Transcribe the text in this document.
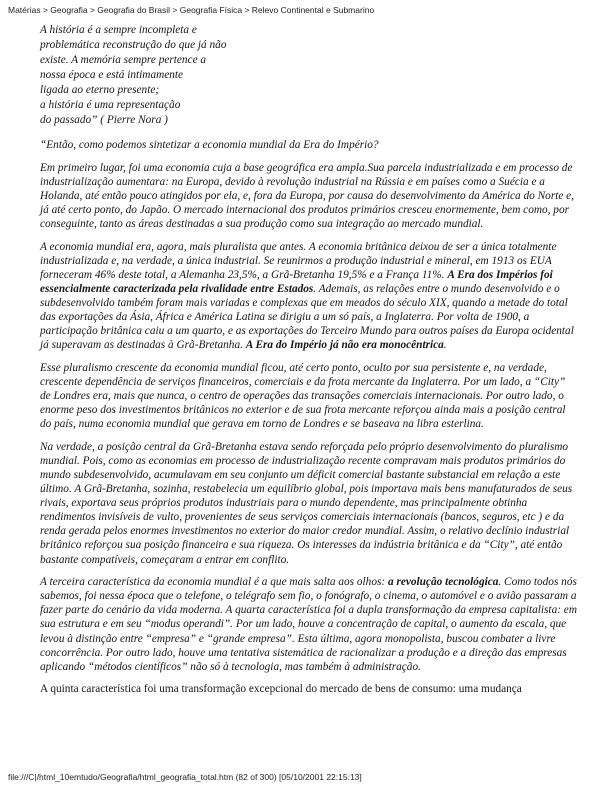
Matérias > Geografia > Geografia do Brasil > Geografia Física > Relevo Continental e Submarino
A história é a sempre incompleta e
problemática reconstrução do que já não
existe. A memória sempre pertence a
nossa época e está intimamente
ligada ao eterno presente;
a história é uma representação
do passado” ( Pierre Nora )

“Então, como podemos sintetizar a economia mundial da Era do Império?

Em primeiro lugar, foi uma economia cuja a base geográfica era ampla.Sua parcela industrializada e em processo de industrialização aumentara: na Europa, devido à revolução industrial na Rússia e em países como a Suécia e a Holanda, até então pouco atingidos por ela, e, fora da Europa, por causa do desenvolvimento da América do Norte e, já até certo ponto, do Japão. O mercado internacional dos produtos primários cresceu enormemente, bem como, por conseguinte, tanto as áreas destinadas a sua produção como sua integração ao mercado mundial.

A economia mundial era, agora, mais pluralista que antes. A economia britânica deixou de ser a única totalmente industrializada e, na verdade, a única industrial. Se reunirmos a produção industrial e mineral, em 1913 os EUA forneceram 46% deste total, a Alemanha 23,5%, a Grã-Bretanha 19,5% e a França 11%. A Era dos Impérios foi essencialmente caracterizada pela rivalidade entre Estados. Ademais, as relações entre o mundo desenvolvido e o subdesenvolvido também foram mais variadas e complexas que em meados do século XIX, quando a metade do total das exportações da Ásia, África e América Latina se dirigiu a um só país, a Inglaterra. Por volta de 1900, a participação britânica caiu a um quarto, e as exportações do Terceiro Mundo para outros países da Europa ocidental já superavam as destinadas à Grã-Bretanha. A Era do Império já não era monocêntrica.

Esse pluralismo crescente da economia mundial ficou, até certo ponto, oculto por sua persistente e, na verdade, crescente dependência de serviços financeiros, comerciais e da frota mercante da Inglaterra. Por um lado, a “City” de Londres era, mais que nunca, o centro de operações das transações comerciais internacionais. Por outro lado, o enorme peso dos investimentos britânicos no exterior e de sua frota mercante reforçou ainda mais a posição central do país, numa economia mundial que gerava em torno de Londres e se baseava na libra esterlina.

Na verdade, a posição central da Grã-Bretanha estava sendo reforçada pelo próprio desenvolvimento do pluralismo mundial. Pois, como as economias em processo de industrialização recente compravam mais produtos primários do mundo subdesenvolvido, acumulavam em seu conjunto um déficit comercial bastante substancial em relação a este último. A Grã-Bretanha, sozinha, restabelecia um equilíbrio global, pois importava mais bens manufaturados de seus rivais, exportava seus próprios produtos industriais para o mundo dependente, mas principalmente obtinha rendimentos invisíveis de vulto, provenientes de seus serviços comerciais internacionais (bancos, seguros, etc ) e da renda gerada pelos enormes investimentos no exterior do maior credor mundial. Assim, o relativo declínio industrial britânico reforçou sua posição financeira e sua riqueza. Os interesses da indústria britânica e da “City”, até então bastante compatíveis, começaram a entrar em conflito.

A terceira característica da economia mundial é a que mais salta aos olhos: a revolução tecnológica. Como todos nós sabemos, foi nessa época que o telefone, o telégrafo sem fio, o fonógrafo, o cinema, o automóvel e o avião passaram a fazer parte do cenário da vida moderna. A quarta característica foi a dupla transformação da empresa capitalista: em sua estrutura e em seu “modus operandi”. Por um lado, houve a concentração de capital, o aumento da escala, que levou à distinção entre “empresa” e “grande empresa”. Esta última, agora monopolista, buscou combater a livre concorrência. Por outro lado, houve uma tentativa sistemática de racionalizar a produção e a direção das empresas aplicando “métodos científicos” não só à tecnologia, mas também à administração.

A quinta característica foi uma transformação excepcional do mercado de bens de consumo: uma mudança

file:///C|/html_10emtudo/Geografia/html_geografia_total.htm (82 of 300) [05/10/2001 22:15:13]
